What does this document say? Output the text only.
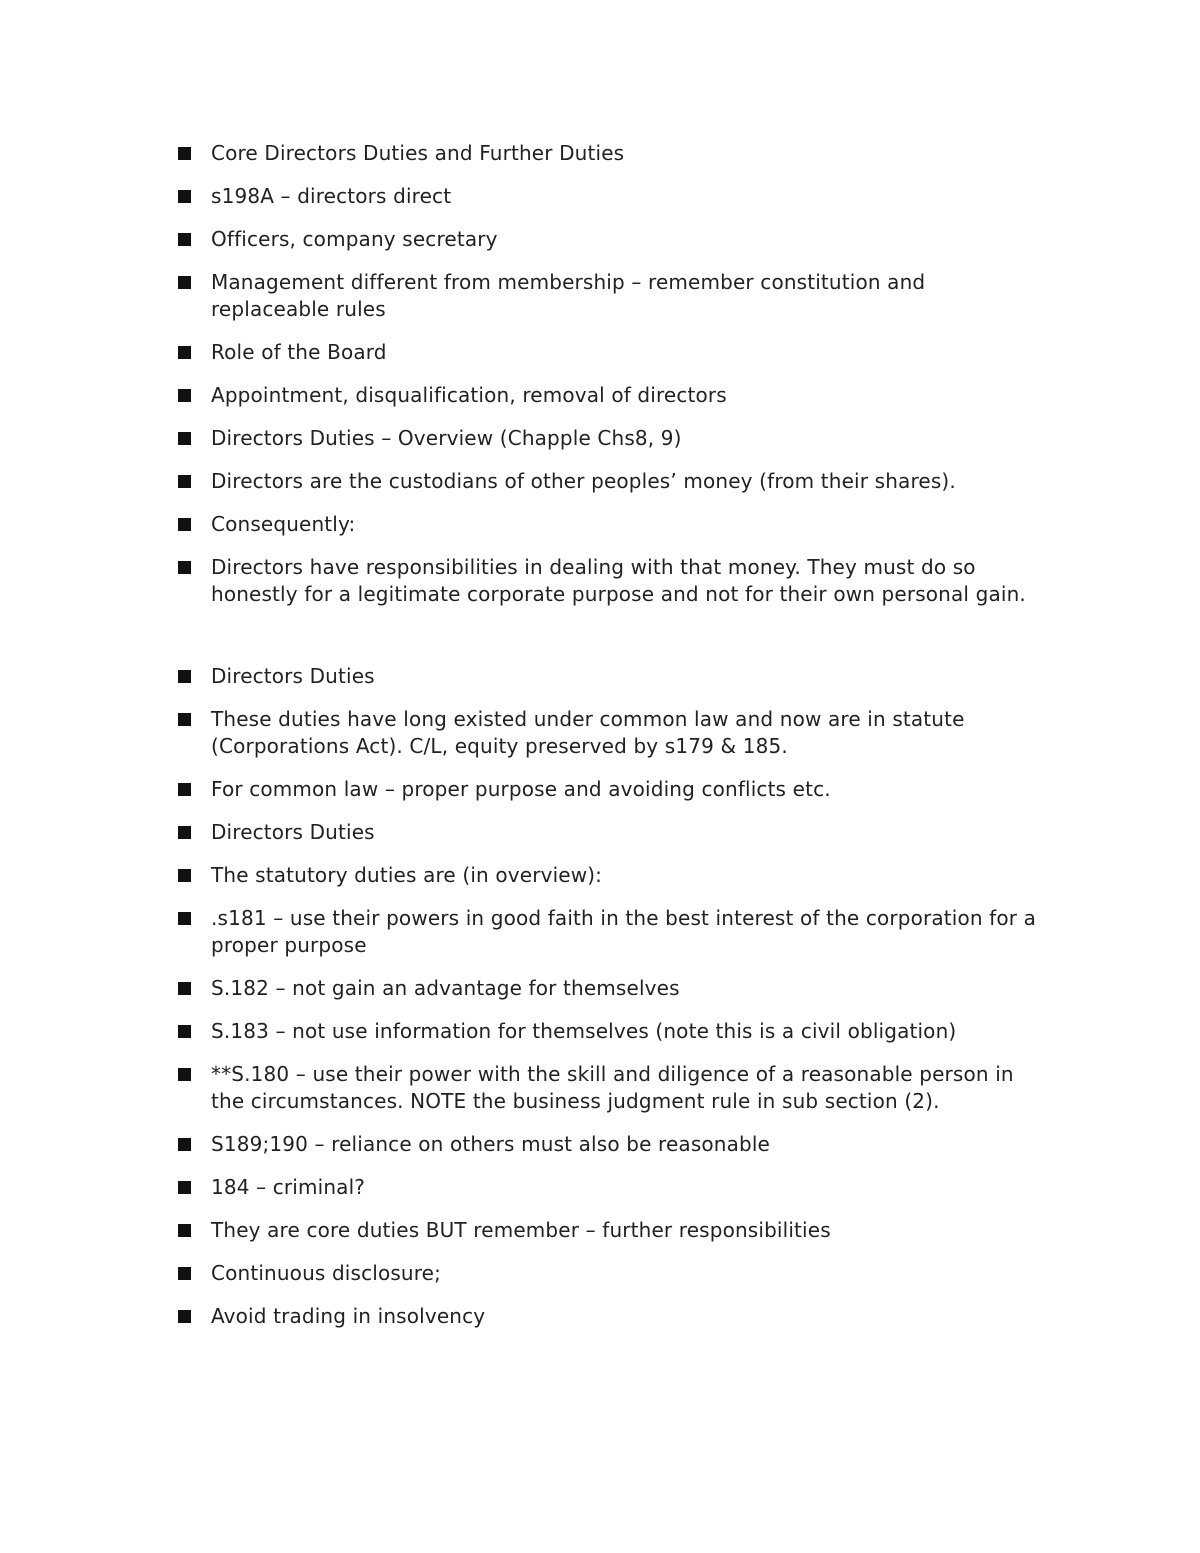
Core Directors Duties and Further Duties
s198A – directors direct
Officers, company secretary
Management different from membership – remember constitution and replaceable rules
Role of the Board
Appointment, disqualification, removal of directors
Directors Duties – Overview (Chapple Chs8, 9)
Directors are the custodians of other peoples’ money (from their shares).
Consequently:
Directors have responsibilities in dealing with that money. They must do so honestly for a legitimate corporate purpose and not for their own personal gain.
Directors Duties
These duties have long existed under common law and now are in statute (Corporations Act). C/L, equity preserved by s179 & 185.
For common law – proper purpose and avoiding conflicts etc.
Directors Duties
The statutory duties are (in overview):
.s181 – use their powers in good faith in the best interest of the corporation for a proper purpose
S.182 – not gain an advantage for themselves
S.183 – not use information for themselves (note this is a civil obligation)
**S.180 – use their power with the skill and diligence of a reasonable person in the circumstances. NOTE the business judgment rule in sub section (2).
S189;190 – reliance on others must also be reasonable
184 – criminal?
They are core duties BUT remember – further responsibilities
Continuous disclosure;
Avoid trading in insolvency
